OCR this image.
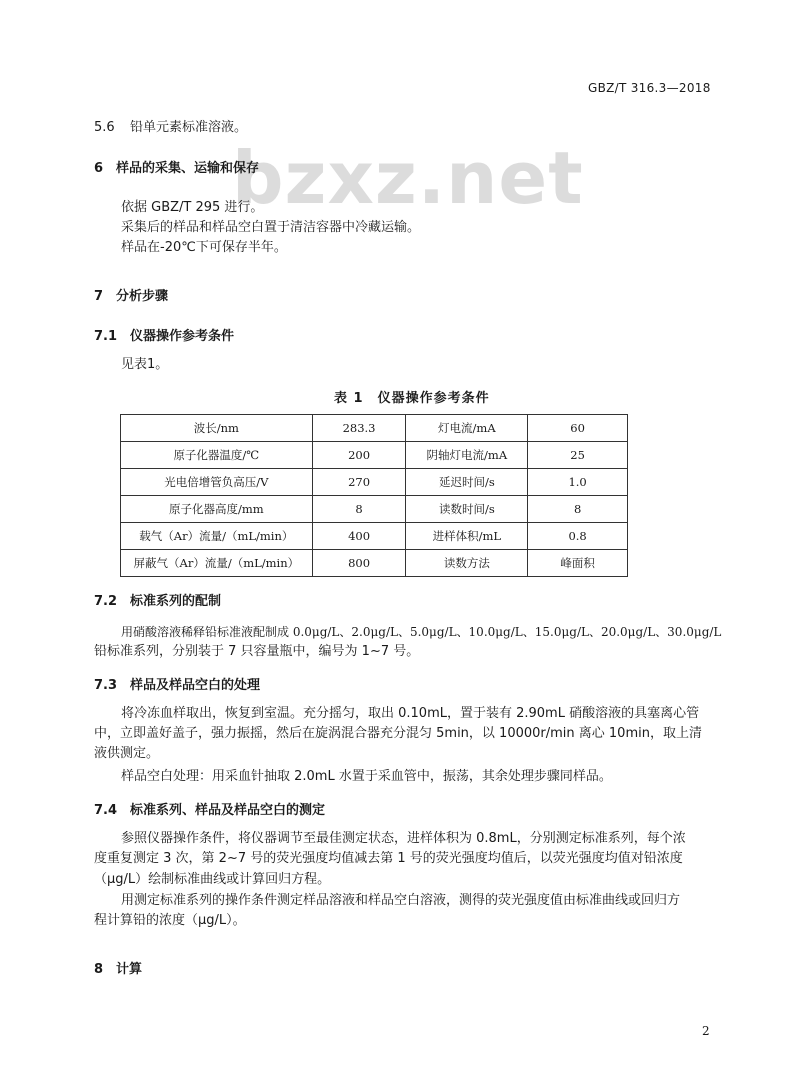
GBZ/T 316.3—2018
bzxz.net
5.6 铅单元素标准溶液。
6 样品的采集、运输和保存
依据 GBZ/T 295 进行。
采集后的样品和样品空白置于清洁容器中冷藏运输。
样品在-20℃下可保存半年。
7 分析步骤
7.1 仪器操作参考条件
见表1。
表 1　仪器操作参考条件
波长/nm	283.3	灯电流/mA	60
原子化器温度/℃	200	阴轴灯电流/mA	25
光电倍增管负高压/V	270	延迟时间/s	1.0
原子化器高度/mm	8	读数时间/s	8
载气（Ar）流量/（mL/min）	400	进样体积/mL	0.8
屏蔽气（Ar）流量/（mL/min）	800	读数方法	峰面积
7.2 标准系列的配制
用硝酸溶液稀释铅标准液配制成 0.0μg/L、2.0μg/L、5.0μg/L、10.0μg/L、15.0μg/L、20.0μg/L、30.0μg/L
铅标准系列，分别装于 7 只容量瓶中，编号为 1~7 号。
7.3 样品及样品空白的处理
将冷冻血样取出，恢复到室温。充分摇匀，取出 0.10mL，置于装有 2.90mL 硝酸溶液的具塞离心管
中，立即盖好盖子，强力振摇，然后在旋涡混合器充分混匀 5min，以 10000r/min 离心 10min，取上清
液供测定。
样品空白处理：用采血针抽取 2.0mL 水置于采血管中，振荡，其余处理步骤同样品。
7.4 标准系列、样品及样品空白的测定
参照仪器操作条件，将仪器调节至最佳测定状态，进样体积为 0.8mL，分别测定标准系列，每个浓
度重复测定 3 次，第 2~7 号的荧光强度均值减去第 1 号的荧光强度均值后，以荧光强度均值对铅浓度
（μg/L）绘制标准曲线或计算回归方程。
用测定标准系列的操作条件测定样品溶液和样品空白溶液，测得的荧光强度值由标准曲线或回归方
程计算铅的浓度（μg/L）。
8 计算
2
